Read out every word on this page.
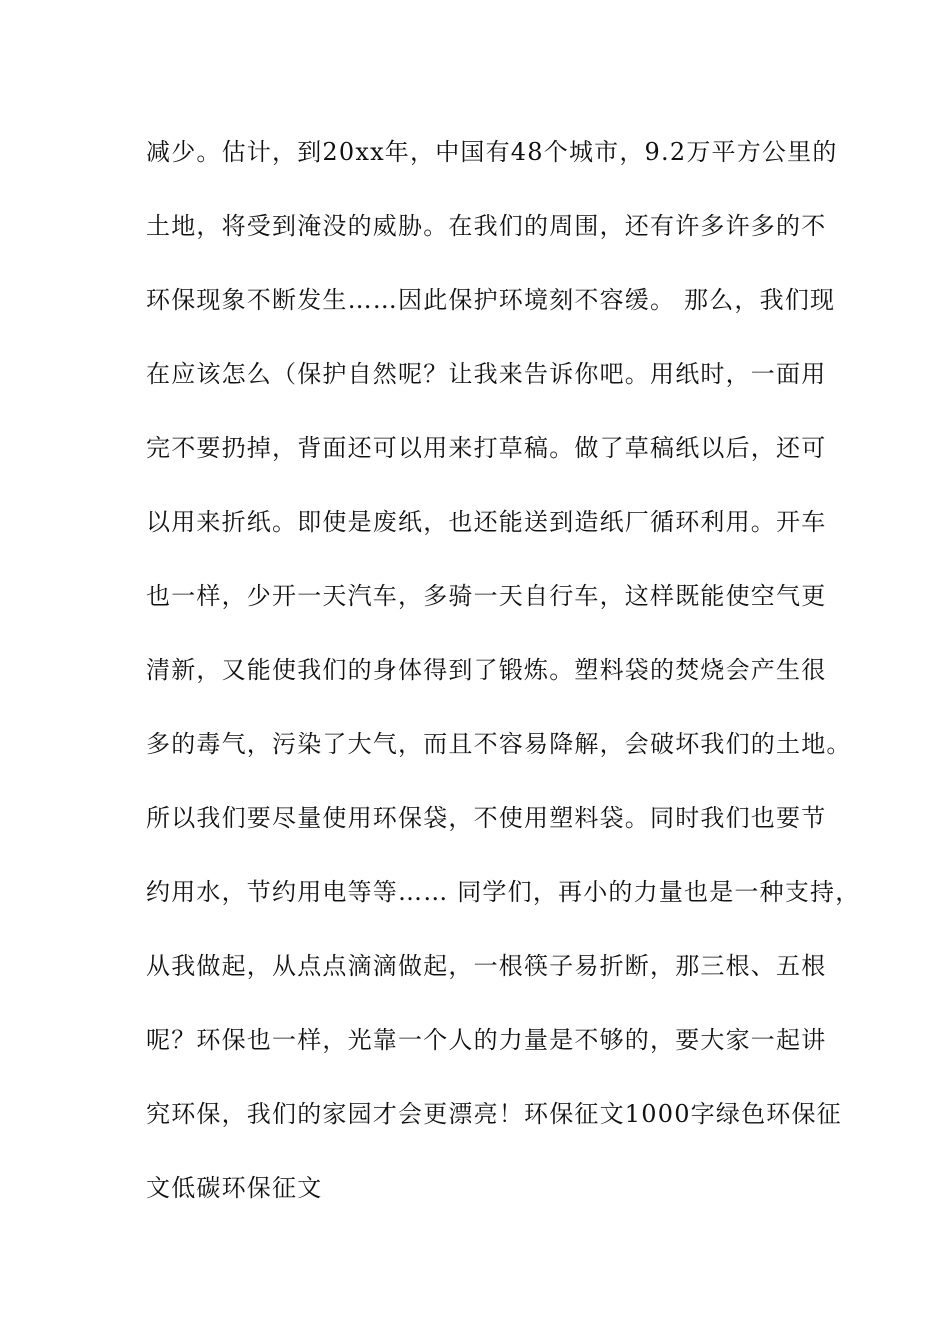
减少。估计，到20xx年，中国有48个城市，9.2万平方公里的
土地，将受到淹没的威胁。在我们的周围，还有许多许多的不
环保现象不断发生……因此保护环境刻不容缓。 那么，我们现
在应该怎么（保护自然呢？让我来告诉你吧。用纸时，一面用
完不要扔掉，背面还可以用来打草稿。做了草稿纸以后，还可
以用来折纸。即使是废纸，也还能送到造纸厂循环利用。开车
也一样，少开一天汽车，多骑一天自行车，这样既能使空气更
清新，又能使我们的身体得到了锻炼。塑料袋的焚烧会产生很
多的毒气，污染了大气，而且不容易降解，会破坏我们的土地。
所以我们要尽量使用环保袋，不使用塑料袋。同时我们也要节
约用水，节约用电等等…… 同学们，再小的力量也是一种支持，
从我做起，从点点滴滴做起，一根筷子易折断，那三根、五根
呢？环保也一样，光靠一个人的力量是不够的，要大家一起讲
究环保，我们的家园才会更漂亮！环保征文1000字绿色环保征
文低碳环保征文
